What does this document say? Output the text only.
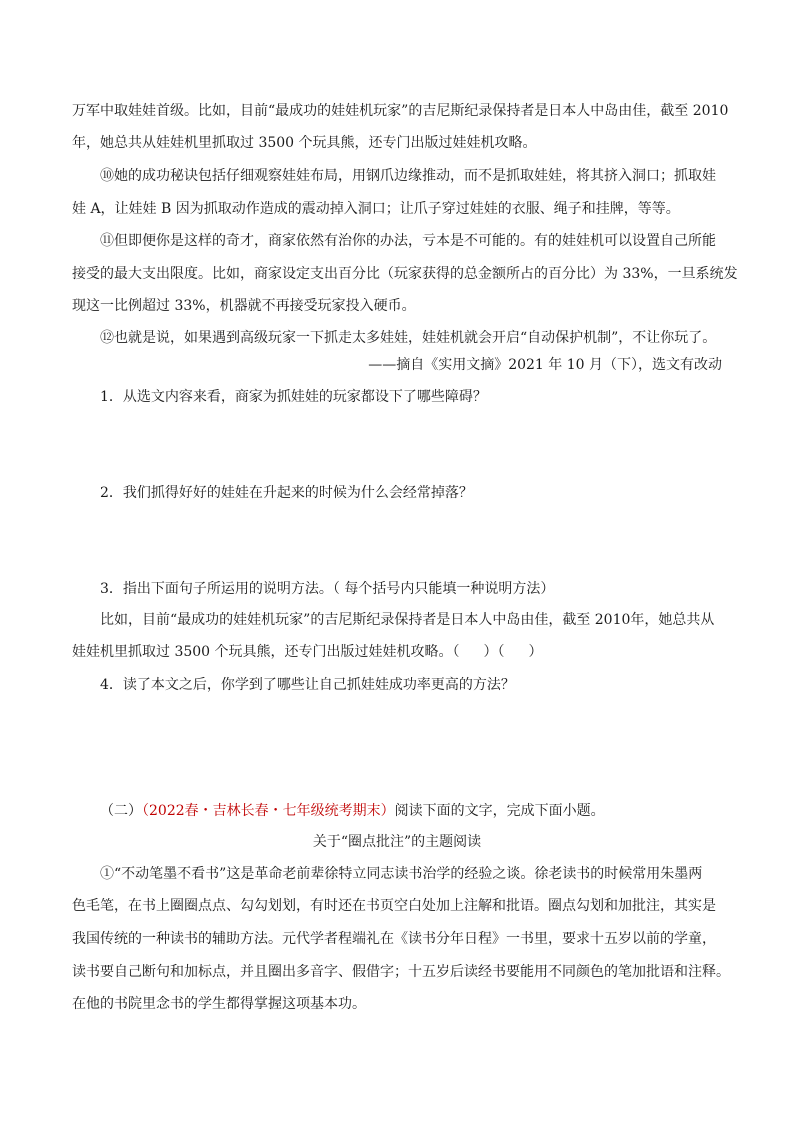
万军中取娃娃首级。比如，目前“最成功的娃娃机玩家”的吉尼斯纪录保持者是日本人中岛由佳，截至 2010
年，她总共从娃娃机里抓取过 3500 个玩具熊，还专门出版过娃娃机攻略。
⑩她的成功秘诀包括仔细观察娃娃布局，用钢爪边缘推动，而不是抓取娃娃，将其挤入洞口；抓取娃
娃 A，让娃娃 B 因为抓取动作造成的震动掉入洞口；让爪子穿过娃娃的衣服、绳子和挂牌，等等。
⑪但即便你是这样的奇才，商家依然有治你的办法，亏本是不可能的。有的娃娃机可以设置自己所能
接受的最大支出限度。比如，商家设定支出百分比（玩家获得的总金额所占的百分比）为 33%，一旦系统发
现这一比例超过 33%，机器就不再接受玩家投入硬币。
⑫也就是说，如果遇到高级玩家一下抓走太多娃娃，娃娃机就会开启“自动保护机制”，不让你玩了。
——摘自《实用文摘》2021 年 10 月（下），选文有改动
1．从选文内容来看，商家为抓娃娃的玩家都设下了哪些障碍？
2．我们抓得好好的娃娃在升起来的时候为什么会经常掉落？
3．指出下面句子所运用的说明方法。（ 每个括号内只能填一种说明方法）
比如，目前“最成功的娃娃机玩家”的吉尼斯纪录保持者是日本人中岛由佳，截至 2010年，她总共从
娃娃机里抓取过 3500 个玩具熊，还专门出版过娃娃机攻略。（ ）（ ）
4．读了本文之后，你学到了哪些让自己抓娃娃成功率更高的方法？
（二）（2022春・吉林长春・七年级统考期末）阅读下面的文字，完成下面小题。
关于“圈点批注”的主题阅读
①“不动笔墨不看书”这是革命老前辈徐特立同志读书治学的经验之谈。徐老读书的时候常用朱墨两
色毛笔，在书上圈圈点点、勾勾划划，有时还在书页空白处加上注解和批语。圈点勾划和加批注，其实是
我国传统的一种读书的辅助方法。元代学者程端礼在《读书分年日程》一书里，要求十五岁以前的学童，
读书要自己断句和加标点，并且圈出多音字、假借字；十五岁后读经书要能用不同颜色的笔加批语和注释。
在他的书院里念书的学生都得掌握这项基本功。
